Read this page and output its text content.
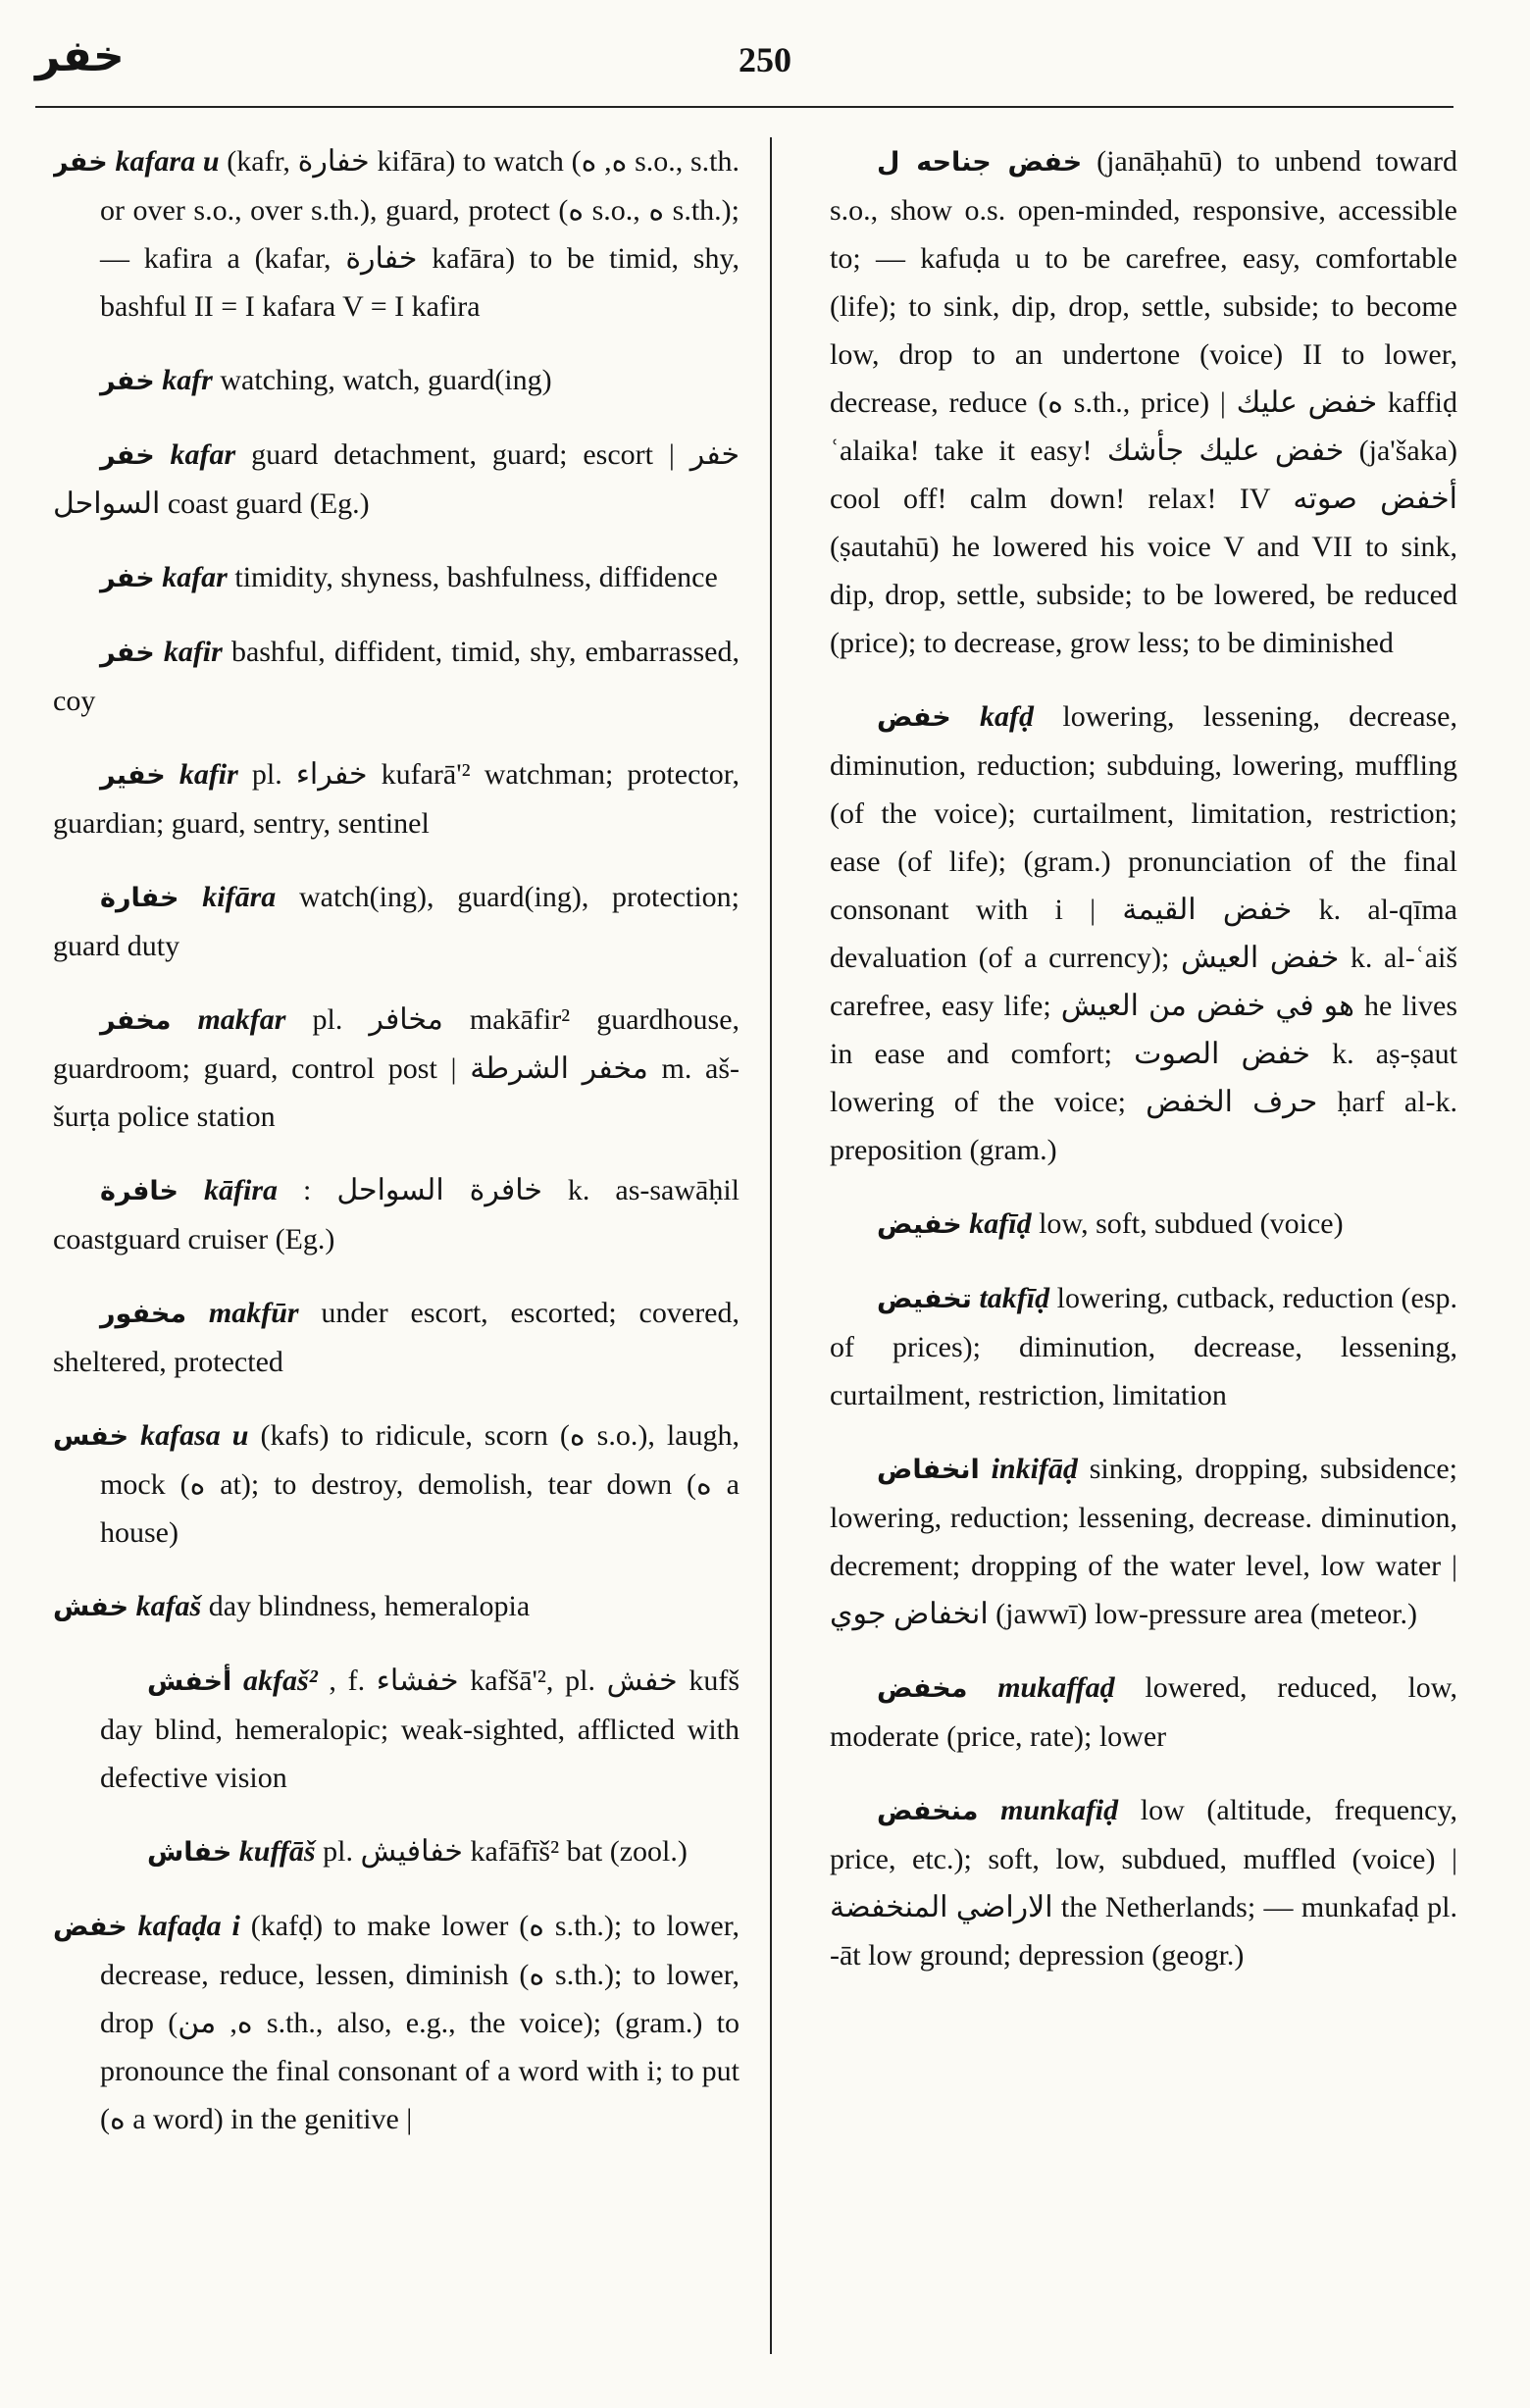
خفر	250

خفر kafara u (kafr, خفارة kifāra) to watch (ه, ه s.o., s.th. or over s.o., over s.th.), guard, protect (ه s.o., ه s.th.); — kafira a (kafar, خفارة kafāra) to be timid, shy, bashful II = I kafara V = I kafira

خفر kafr watching, watch, guard(ing)

خفر kafar guard detachment, guard; escort | خفر السواحل coast guard (Eg.)

خفر kafar timidity, shyness, bashfulness, diffidence

خفر kafir bashful, diffident, timid, shy, embarrassed, coy

خفير kafir pl. خفراء kufarā'² watchman; protector, guardian; guard, sentry, sentinel

خفارة kifāra watch(ing), guard(ing), protection; guard duty

مخفر makfar pl. مخافر makāfir² guardhouse, guardroom; guard, control post | مخفر الشرطة m. aš-šurṭa police station

خافرة kāfira : خافرة السواحل k. as-sawāḥil coastguard cruiser (Eg.)

مخفور makfūr under escort, escorted; covered, sheltered, protected

خفس kafasa u (kafs) to ridicule, scorn (ه s.o.), laugh, mock (ه at); to destroy, demolish, tear down (ه a house)

خفش kafaš day blindness, hemeralopia

أخفش akfaš² , f. خفشاء kafšā'², pl. خفش kufš day blind, hemeralopic; weak-sighted, afflicted with defective vision

خفاش kuffāš pl. خفافيش kafāfīš² bat (zool.)

خفض kafaḍa i (kafḍ) to make lower (ه s.th.); to lower, decrease, reduce, lessen, diminish (ه s.th.); to lower, drop (ه, من s.th., also, e.g., the voice); (gram.) to pronounce the final consonant of a word with i; to put (ه a word) in the genitive |

خفض جناحه ل (janāḥahū) to unbend toward s.o., show o.s. open-minded, responsive, accessible to; — kafuḍa u to be carefree, easy, comfortable (life); to sink, dip, drop, settle, subside; to become low, drop to an undertone (voice) II to lower, decrease, reduce (ه s.th., price) | خفض عليك kaffiḍ ʿalaika! take it easy! خفض عليك جأشك (ja'šaka) cool off! calm down! relax! IV أخفض صوته (ṣautahū) he lowered his voice V and VII to sink, dip, drop, settle, subside; to be lowered, be reduced (price); to decrease, grow less; to be diminished

خفض kafḍ lowering, lessening, decrease, diminution, reduction; subduing, lowering, muffling (of the voice); curtailment, limitation, restriction; ease (of life); (gram.) pronunciation of the final consonant with i | خفض القيمة k. al-qīma devaluation (of a currency); خفض العيش k. al-ʿaiš carefree, easy life; هو في خفض من العيش he lives in ease and comfort; خفض الصوت k. aṣ-ṣaut lowering of the voice; حرف الخفض ḥarf al-k. preposition (gram.)

خفيض kafīḍ low, soft, subdued (voice)

تخفيض takfīḍ lowering, cutback, reduction (esp. of prices); diminution, decrease, lessening, curtailment, restriction, limitation

انخفاض inkifāḍ sinking, dropping, subsidence; lowering, reduction; lessening, decrease. diminution, decrement; dropping of the water level, low water | انخفاض جوي (jawwī) low-pressure area (meteor.)

مخفض mukaffaḍ lowered, reduced, low, moderate (price, rate); lower

منخفض munkafiḍ low (altitude, frequency, price, etc.); soft, low, subdued, muffled (voice) | الاراضي المنخفضة the Netherlands; — munkafaḍ pl. -āt low ground; depression (geogr.)
